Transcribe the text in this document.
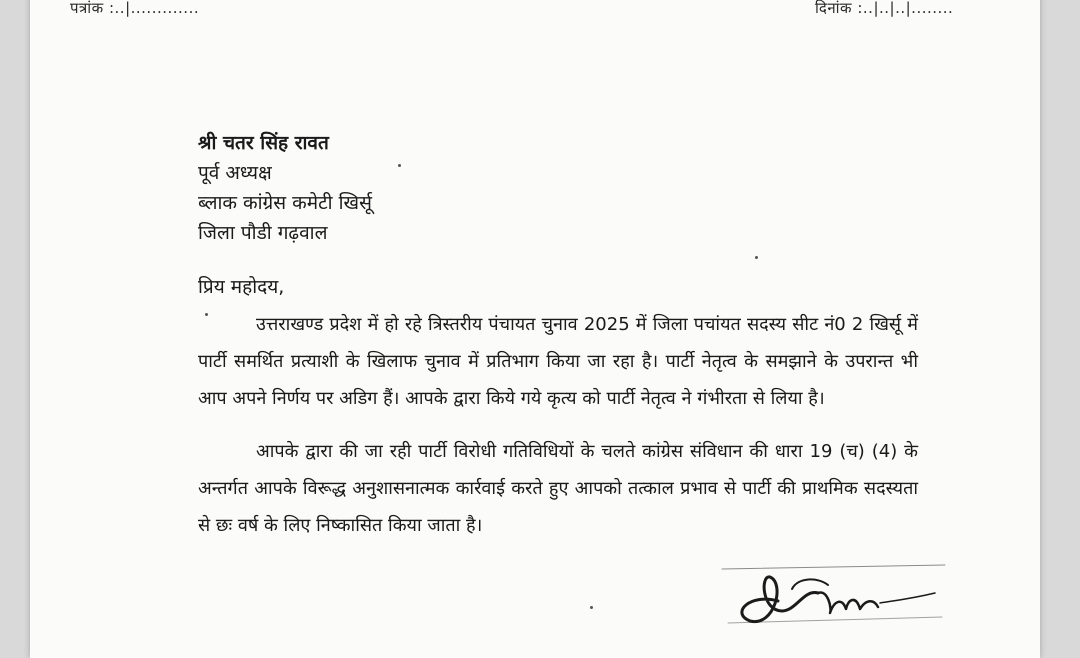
पत्रांक :..|.............	दिनांक :..|..|..|........
श्री चतर सिंह रावत
पूर्व अध्यक्ष
ब्लाक कांग्रेस कमेटी खिर्सू
जिला पौडी गढ़वाल
प्रिय महोदय,

उत्तराखण्ड प्रदेश में हो रहे त्रिस्तरीय पंचायत चुनाव 2025 में जिला पचांयत सदस्य सीट नं0 2 खिर्सू में पार्टी समर्थित प्रत्याशी के खिलाफ चुनाव में प्रतिभाग किया जा रहा है। पार्टी नेतृत्व के समझाने के उपरान्त भी आप अपने निर्णय पर अडिग हैं। आपके द्वारा किये गये कृत्य को पार्टी नेतृत्व ने गंभीरता से लिया है।

आपके द्वारा की जा रही पार्टी विरोधी गतिविधियों के चलते कांग्रेस संविधान की धारा 19 (च) (4) के अन्तर्गत आपके विरूद्ध अनुशासनात्मक कार्रवाई करते हुए आपको तत्काल प्रभाव से पार्टी की प्राथमिक सदस्यता से छः वर्ष के लिए निष्कासित किया जाता है।
